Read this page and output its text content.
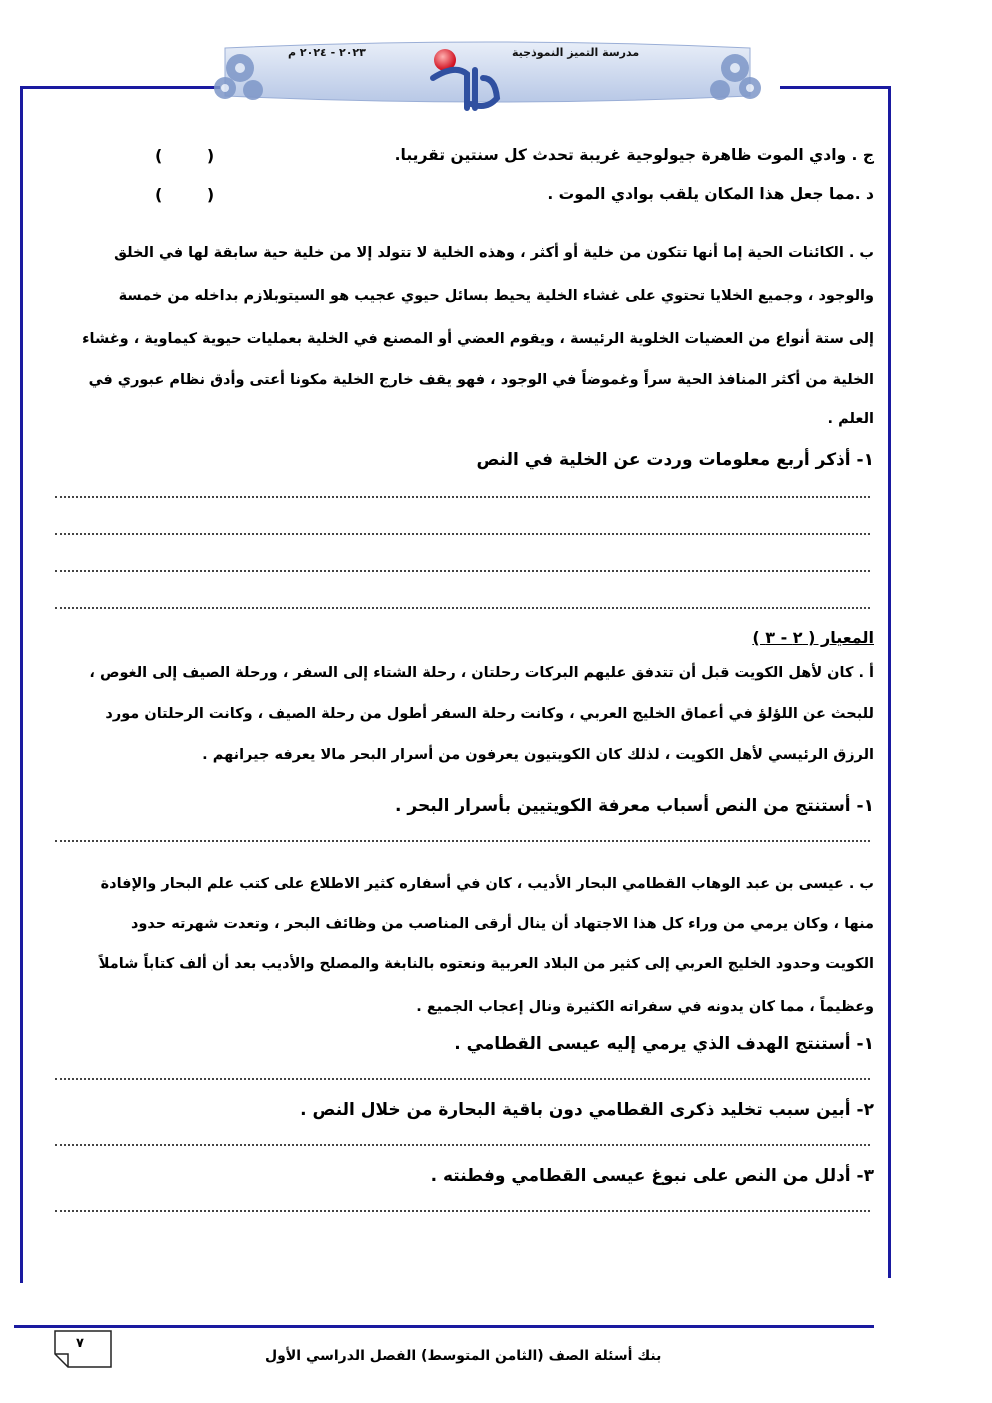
مدرسة التميز النموذجية
٢٠٢٣ - ٢٠٢٤ م
ج . وادي الموت ظاهرة جيولوجية غريبة تحدث كل سنتين تقريبا.
(        )
د .مما جعل هذا المكان يلقب بوادي الموت .
(        )
ب . الكائنات الحية إما أنها تتكون من خلية أو أكثر ، وهذه الخلية لا تتولد إلا من خلية حية سابقة لها في الخلق
والوجود ، وجميع الخلايا تحتوي على غشاء الخلية يحيط بسائل حيوي عجيب هو السيتوبلازم بداخله من خمسة
إلى ستة أنواع من العضيات الخلوية الرئيسة ، ويقوم العضي أو المصنع في الخلية بعمليات حيوية كيماوية ، وغشاء
الخلية من أكثر المنافذ الحية سراً وغموضاً في الوجود ، فهو يقف خارج الخلية مكونا أعتى وأدق نظام عبوري في
العلم .
١- أذكر أربع معلومات وردت عن الخلية في النص
المعيار ( ٢ - ٣ )
أ . كان لأهل الكويت قبل أن تتدفق عليهم البركات رحلتان ، رحلة الشتاء إلى السفر ، ورحلة الصيف إلى الغوص ،
للبحث عن اللؤلؤ في أعماق الخليج العربي ، وكانت رحلة السفر أطول من رحلة الصيف ، وكانت الرحلتان مورد
الرزق الرئيسي لأهل الكويت ، لذلك كان الكويتيون يعرفون من أسرار البحر مالا يعرفه جيرانهم .
١- أستنتج من النص أسباب معرفة الكويتيين بأسرار البحر .
ب . عيسى بن عبد الوهاب القطامي البحار الأديب ، كان في أسفاره كثير الاطلاع على كتب علم البحار والإفادة
منها ، وكان يرمي من وراء كل هذا الاجتهاد أن ينال أرقى المناصب من وظائف البحر ، وتعدت شهرته حدود
الكويت وحدود الخليج العربي إلى كثير من البلاد العربية ونعتوه بالنابغة والمصلح والأديب بعد أن ألف كتاباً شاملاً
وعظيماً ، مما كان يدونه في سفراته الكثيرة ونال إعجاب الجميع .
١- أستنتج الهدف الذي يرمي إليه عيسى القطامي .
٢- أبين سبب تخليد ذكرى القطامي دون باقية البحارة من خلال النص .
٣- أدلل من النص على نبوغ عيسى القطامي وفطنته .
٧
بنك أسئلة الصف (الثامن المتوسط) الفصل الدراسي الأول
